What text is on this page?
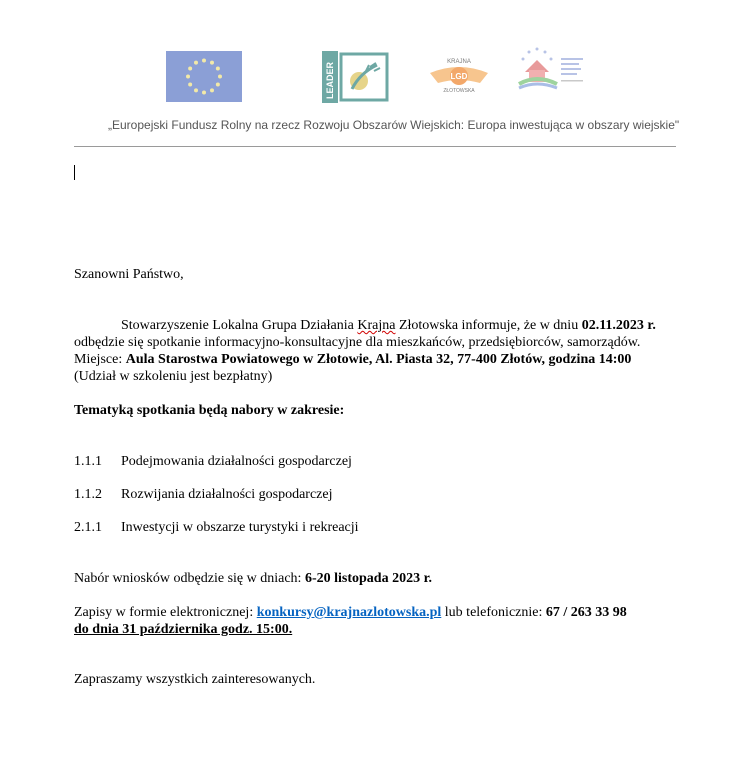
LEADER	KRAJNA
LGD
ZŁOTOWSKA
„Europejski Fundusz Rolny na rzecz Rozwoju Obszarów Wiejskich: Europa inwestująca w obszary wiejskie"
Szanowni Państwo,
Stowarzyszenie Lokalna Grupa Działania Krajna Złotowska informuje, że w dniu 02.11.2023 r.
odbędzie się spotkanie informacyjno-konsultacyjne dla mieszkańców, przedsiębiorców, samorządów.
Miejsce: Aula Starostwa Powiatowego w Złotowie, Al. Piasta 32, 77-400 Złotów, godzina 14:00
(Udział w szkoleniu jest bezpłatny)
Tematyką spotkania będą nabory w zakresie:
1.1.1 Podejmowania działalności gospodarczej
1.1.2 Rozwijania działalności gospodarczej
2.1.1 Inwestycji w obszarze turystyki i rekreacji
Nabór wniosków odbędzie się w dniach: 6-20 listopada 2023 r.
Zapisy w formie elektronicznej: konkursy@krajnazlotowska.pl lub telefonicznie: 67 / 263 33 98
do dnia 31 października godz. 15:00.
Zapraszamy wszystkich zainteresowanych.
